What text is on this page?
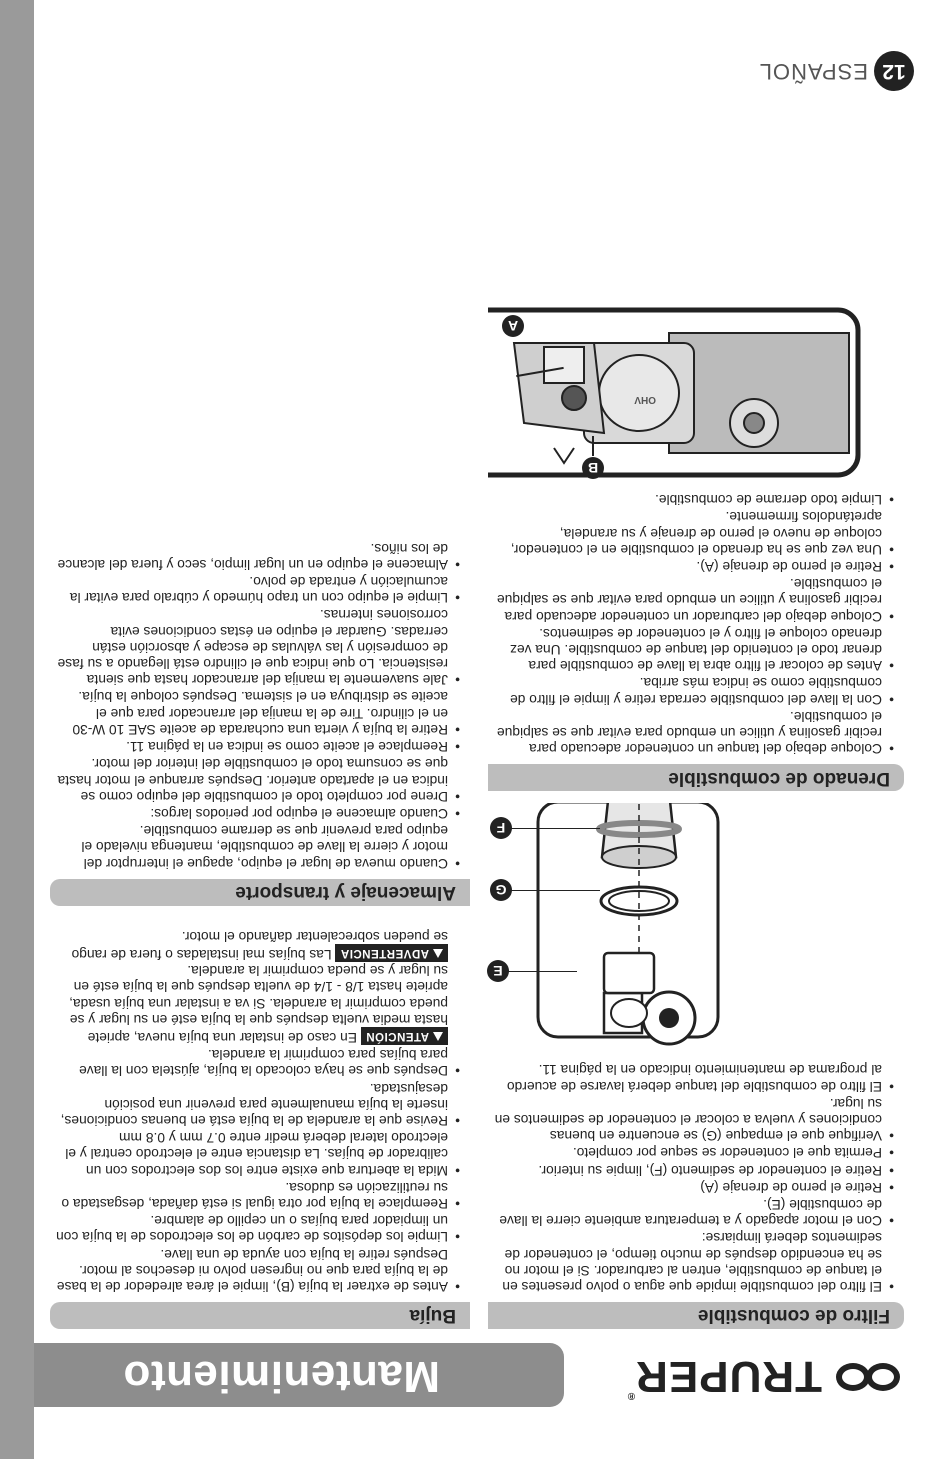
TRUPER®
Mantenimiento
Filtro de combustible
• El filtro del combustible impide que agua o polvo presentes en el tanque de combustible, entren al carburador. Si el motor no se ha encendido después de mucho tiempo, el contenedor de sedimentos deberá limpiarse:
• Con el motor apagado y a temperatura ambiente cierre la llave de combustible (E).
• Retire el perno de drenaje (A)
• Retire el contenedor de sedimento (F), limpie su interior.
• Permita que el contenedor se seque por completo.
• Verifique que el empaque (G) se encuentre en buenas condiciones y vuelva a colocar el contenedor de sedimentos en su lugar.
• El filtro de combustible del tanque deberá lavarse de acuerdo al programa de mantenimiento indicado en la página 11.
E
G
F
Drenado de combustible
• Coloque debajo del tanque un contenedor adecuado para recibir gasolina y utilice un embudo para evitar que se salpique el combustible.
• Con la llave del combustible cerrada retire y limpie el filtro de combustible como se indica más arriba.
• Antes de colocar el filtro abra la llave de combustible para drenar todo el contenido del tanque de combustible. Una vez drenado coloque el filtro y el contenedor de sedimentos.
• Coloque debajo del carburador un contenedor adecuado para recibir gasolina y utilice un embudo para evitar que se salpique el combustible.
• Retire el perno de drenaje (A).
• Una vez que se ha drenado el combustible en el contenedor, coloque de nuevo el perno de drenaje y su arandela, apretándolos firmemente.
• Limpie todo derrame de combustible.
OHV
B
A
Bujía
• Antes de extraer la bujía (B), limpie el área alrededor de la base de la bujía para que no ingresen polvo ni desechos al motor. Después retire la bujía con ayuda de una llave.
• Limpie los depósitos de carbón de los electrodos de la bujía con un limpiador para bujías o un cepillo de alambre.
• Reemplace la bujía por otra igual si está dañada, desgastada o su reutilización es dudosa.
• Mida la abertura que existe entre los dos electrodos con un calibrador de bujías. La distancia entre el electrodo central y el electrodo lateral deberá medir entre 0.7 mm y 0.8 mm
• Revise que la arandela de la bujía está en buenas condiciones, inserte la bujía manualmente para prevenir una posición desajustada.
• Después que se haya colocado la bujía, ajústela con la llave para bujías para comprimir la arandela.

ATENCIÓN En caso de instalar una bujía nueva, apriete hasta media vuelta después que la bujía esté en su lugar y se pueda comprimir la arandela. Si va a instalar una bujía usada, apriete hasta 1/8 - 1/4 de vuelta después que la bujía esté en su lugar y se pueda comprimir la arandela.

ADVERTENCIA Las bujías mal instaladas o fuera de rango se pueden sobrecalentar dañando el motor.

Almacenaje y transporte
• Cuando mueva de lugar el equipo, apague el interruptor del motor y cierre la llave de combustible, mantenga nivelado el equipo para prevenir que se derrame combustible.
• Cuando almacene el equipo por periodos largos:
• Drene por completo todo el combustible del equipo como se indica en el apartado anterior. Después arranque el motor hasta que se consuma todo el combustible del interior del motor.
• Reemplace el aceite como se indica en la página 11.
• Retire la bujía y vierta una cucharada de aceite SAE 10 W-30 en el cilindro. Tire de la manija del arrancador para que el aceite se distribuya en el sistema. Después coloque la bujía.
• Jale suavemente la manija del arrancador hasta que sienta resistencia. Lo que indica que el cilindro está llegando a su fase de compresión y las válvulas de escape y absorción están cerradas. Guardar el equipo en éstas condiciones evita corrosiones internas.
• Limpie el equipo con un trapo húmedo y cúbralo para evitar la acumulación y entrada de polvo.
• Almacene el equipo en un lugar limpio, seco y fuera del alcance de los niños.
12
ESPAÑOL
